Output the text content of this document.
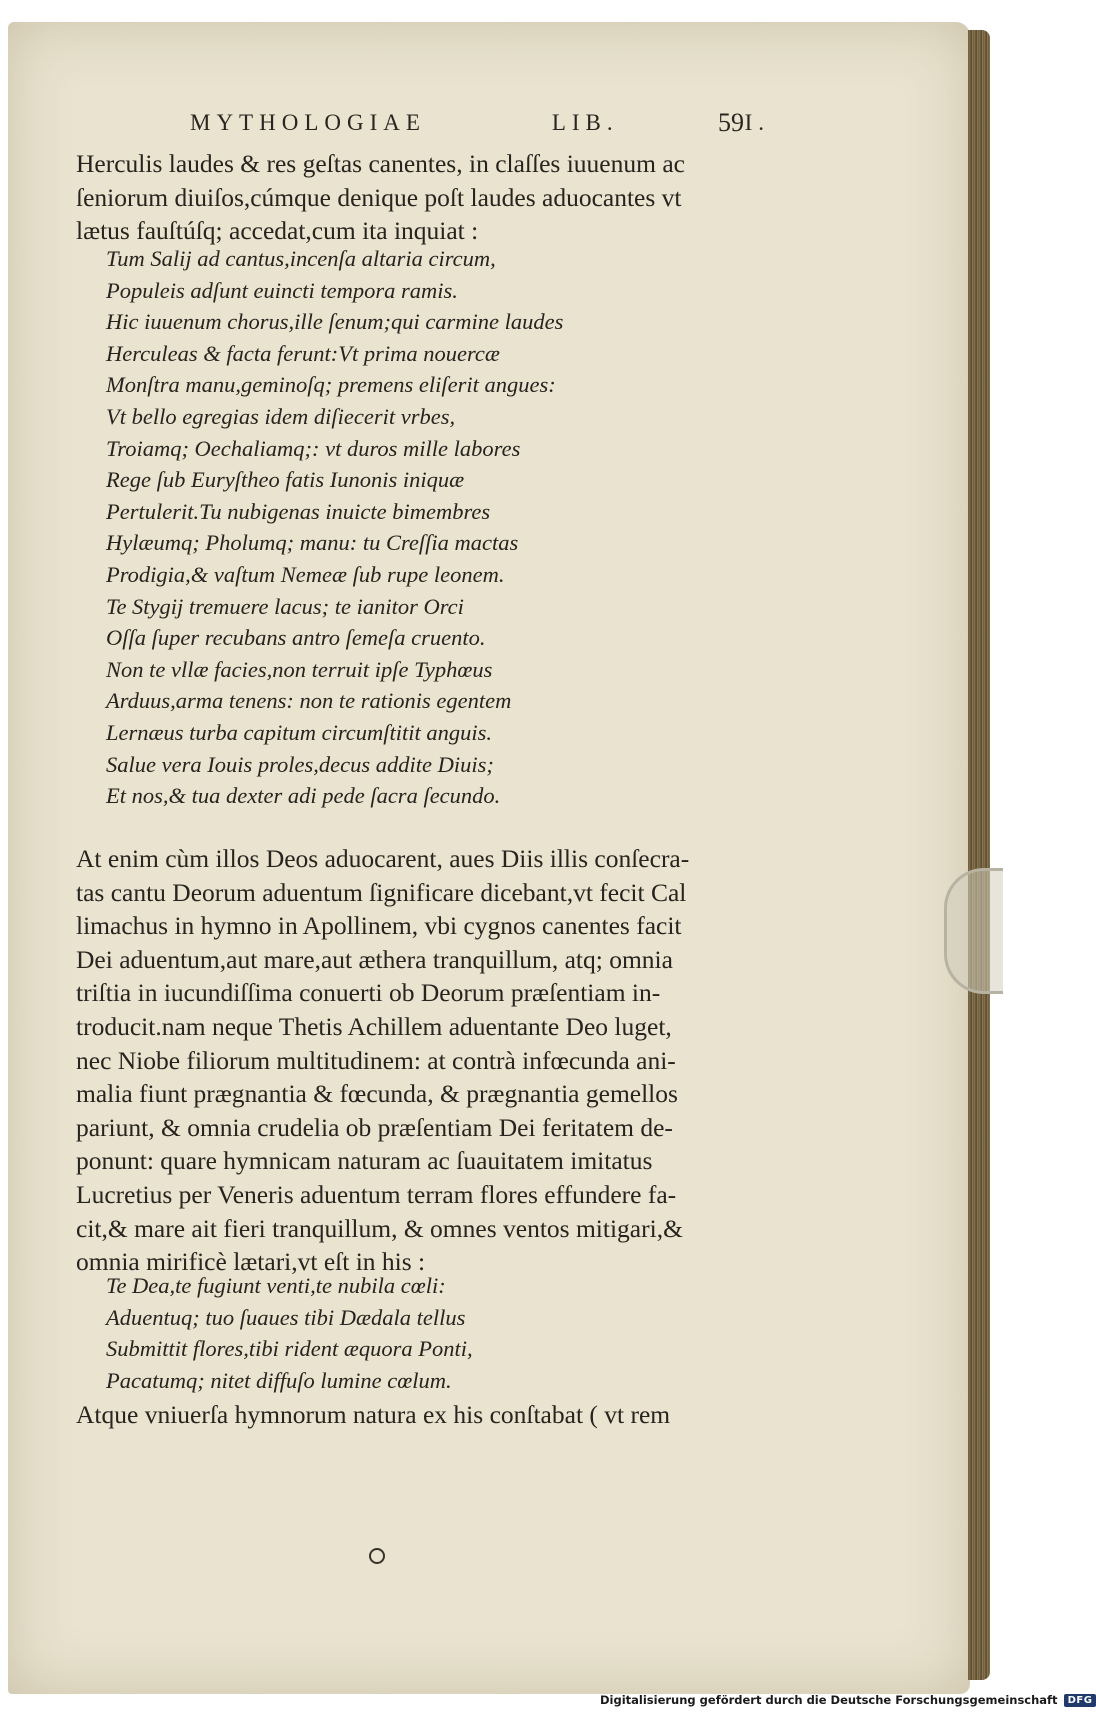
MYTHOLOGIAE	LIB.	I.
59
Herculis laudes & res geſtas canentes, in claſſes iuuenum ac
ſeniorum diuiſos,cúmque denique poſt laudes aduocantes vt
lætus fauſtúſq; accedat,cum ita inquiat :
Tum Salij ad cantus,incenſa altaria circum,
Populeis adſunt euincti tempora ramis.
Hic iuuenum chorus,ille ſenum;qui carmine laudes
Herculeas & facta ferunt:Vt prima nouercæ
Monſtra manu,geminoſq; premens eliſerit angues:
Vt bello egregias idem diſiecerit vrbes,
Troiamq; Oechaliamq;: vt duros mille labores
Rege ſub Euryſtheo fatis Iunonis iniquæ
Pertulerit.Tu nubigenas inuicte bimembres
Hylæumq; Pholumq; manu: tu Creſſia mactas
Prodigia,& vaſtum Nemeæ ſub rupe leonem.
Te Stygij tremuere lacus; te ianitor Orci
Oſſa ſuper recubans antro ſemeſa cruento.
Non te vllæ facies,non terruit ipſe Typhœus
Arduus,arma tenens: non te rationis egentem
Lernæus turba capitum circumſtitit anguis.
Salue vera Iouis proles,decus addite Diuis;
Et nos,& tua dexter adi pede ſacra ſecundo.
At enim cùm illos Deos aduocarent, aues Diis illis conſecra-
tas cantu Deorum aduentum ſignificare dicebant,vt fecit Cal
limachus in hymno in Apollinem, vbi cygnos canentes facit
Dei aduentum,aut mare,aut æthera tranquillum, atq; omnia
triſtia in iucundiſſima conuerti ob Deorum præſentiam in-
troducit.nam neque Thetis Achillem aduentante Deo luget,
nec Niobe filiorum multitudinem: at contrà infœcunda ani-
malia fiunt prægnantia & fœcunda, & prægnantia gemellos
pariunt, & omnia crudelia ob præſentiam Dei feritatem de-
ponunt: quare hymnicam naturam ac ſuauitatem imitatus
Lucretius per Veneris aduentum terram flores effundere fa-
cit,& mare ait fieri tranquillum, & omnes ventos mitigari,&
omnia mirificè lætari,vt eſt in his :
Te Dea,te fugiunt venti,te nubila cœli:
Aduentuq; tuo ſuaues tibi Dædala tellus
Submittit flores,tibi rident æquora Ponti,
Pacatumq; nitet diffuſo lumine cœlum.
Atque vniuerſa hymnorum natura ex his conſtabat ( vt rem
Digitalisierung gefördert durch die Deutsche Forschungsgemeinschaft	DFG
